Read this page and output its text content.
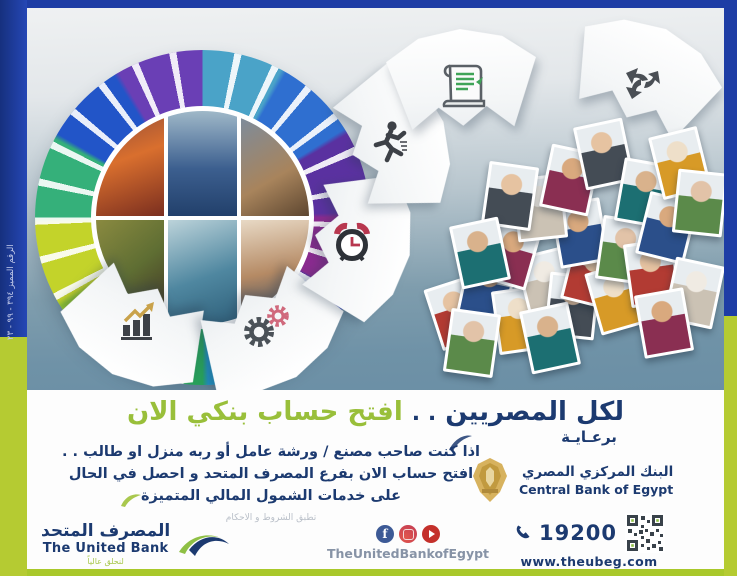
الرقم المميز ٣٩٤ - ٩٩ - ٢٣
لكل المصريين . . افتح حساب بنكي الان
اذا كنت صاحب مصنع / ورشة عامل أو ربه منزل او طالب . .
افتح حساب الان بفرع المصرف المتحد و احصل في الحال
على خدمات الشمول المالي المتميزة
تطبق الشروط و الاحكام
المصرف المتحد
The United Bank
لنحلق عالياً
f
TheUnitedBankofEgypt
برعـايـة
البنك المركزي المصري
Central Bank of Egypt
19200
www.theubeg.com
